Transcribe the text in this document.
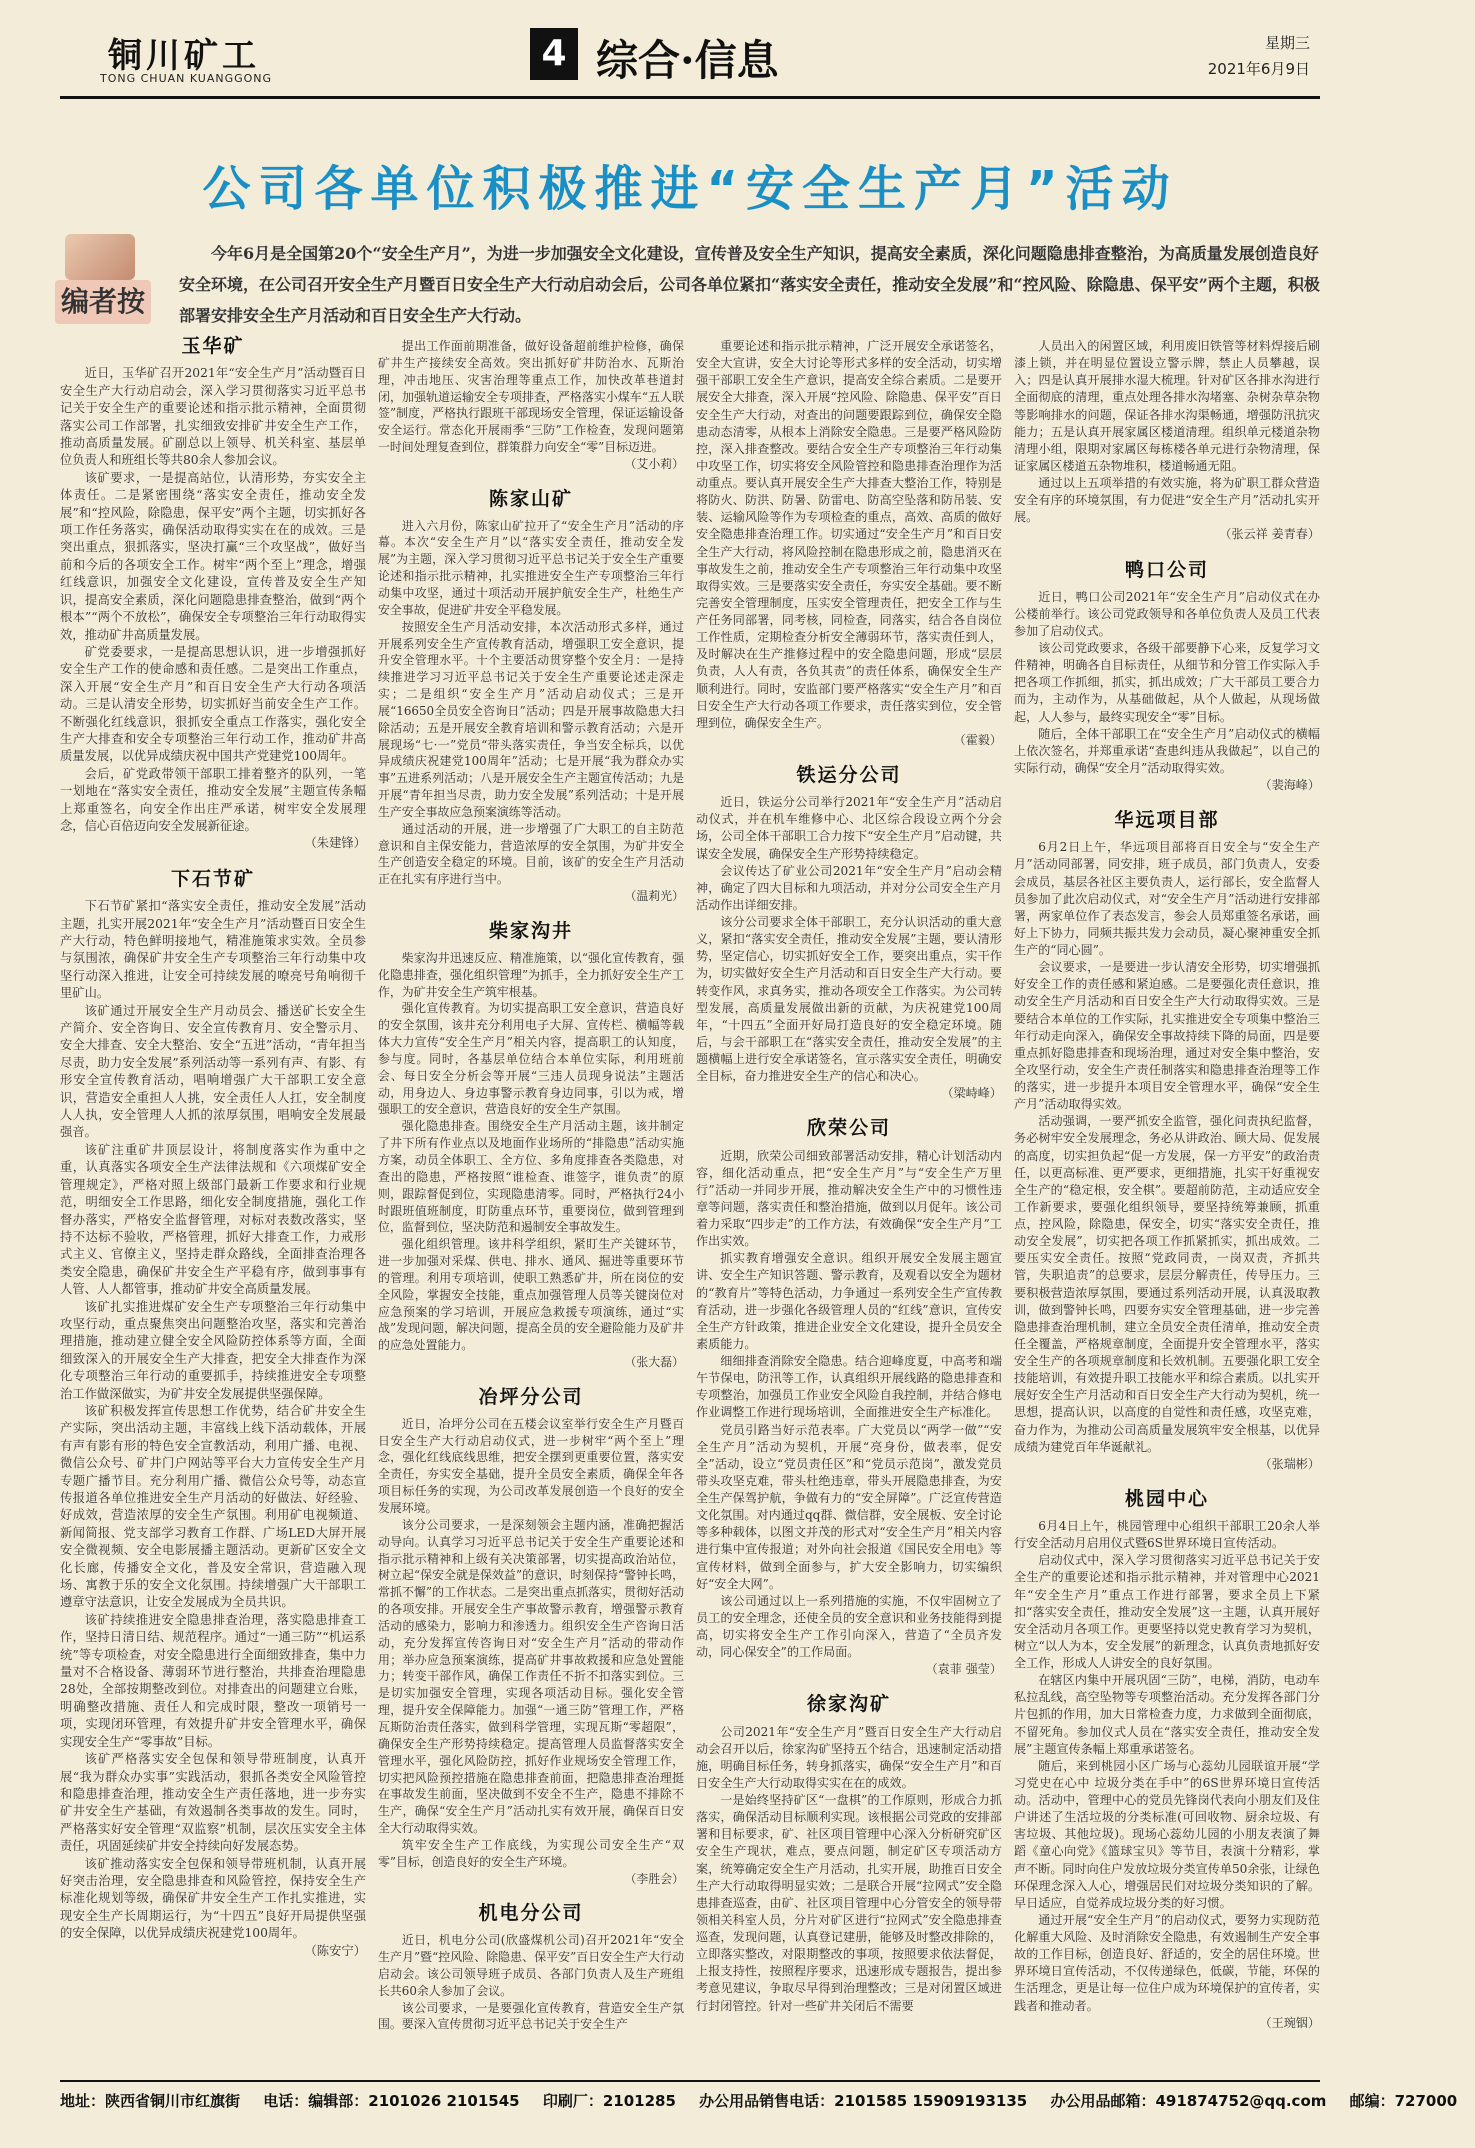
铜川矿工
TONG CHUAN KUANGGONG
4 综合·信息	星期三
2021年6月9日
公司各单位积极推进“安全生产月”活动
编者按
今年6月是全国第20个“安全生产月”，为进一步加强安全文化建设，宣传普及安全生产知识，提高安全素质，深化问题隐患排查整治，为高质量发展创造良好安全环境，在公司召开安全生产月暨百日安全生产大行动启动会后，公司各单位紧扣“落实安全责任，推动安全发展”和“控风险、除隐患、保平安”两个主题，积极部署安排安全生产月活动和百日安全生产大行动。
玉华矿

近日，玉华矿召开2021年“安全生产月”活动暨百日安全生产大行动启动会，深入学习贯彻落实习近平总书记关于安全生产的重要论述和指示批示精神，全面贯彻落实公司工作部署，扎实细致安排矿井安全生产工作，推动高质量发展。矿副总以上领导、机关科室、基层单位负责人和班组长等共80余人参加会议。

该矿要求，一是提高站位，认清形势，夯实安全主体责任。二是紧密围绕“落实安全责任，推动安全发展”和“控风险，除隐患，保平安”两个主题，切实抓好各项工作任务落实，确保活动取得实实在在的成效。三是突出重点，狠抓落实，坚决打赢“三个攻坚战”，做好当前和今后的各项安全工作。树牢“两个至上”理念，增强红线意识，加强安全文化建设，宣传普及安全生产知识，提高安全素质，深化问题隐患排查整治，做到“两个根本”“两个不放松”，确保安全专项整治三年行动取得实效，推动矿井高质量发展。

矿党委要求，一是提高思想认识，进一步增强抓好安全生产工作的使命感和责任感。二是突出工作重点，深入开展“安全生产月”和百日安全生产大行动各项活动。三是认清安全形势，切实抓好当前安全生产工作。不断强化红线意识，狠抓安全重点工作落实，强化安全生产大排查和安全专项整治三年行动工作，推动矿井高质量发展，以优异成绩庆祝中国共产党建党100周年。

会后，矿党政带领干部职工排着整齐的队列，一笔一划地在“落实安全责任，推动安全发展”主题宣传条幅上郑重签名，向安全作出庄严承诺，树牢安全发展理念，信心百倍迈向安全发展新征途。

（朱建锋）

下石节矿

下石节矿紧扣“落实安全责任，推动安全发展”活动主题，扎实开展2021年“安全生产月”活动暨百日安全生产大行动，特色鲜明接地气，精准施策求实效。全员参与氛围浓，确保矿井安全生产专项整治三年行动集中攻坚行动深入推进，让安全可持续发展的嘹亮号角响彻千里矿山。

该矿通过开展安全生产月动员会、播送矿长安全生产简介、安全咨询日、安全宣传教育月、安全警示月、安全大排查、安全大整治、安全“五进”活动，“青年担当尽责，助力安全发展”系列活动等一系列有声、有影、有形安全宣传教育活动，唱响增强广大干部职工安全意识，营造安全重担人人挑，安全责任人人扛，安全制度人人执，安全管理人人抓的浓厚氛围，唱响安全发展最强音。

该矿注重矿井顶层设计，将制度落实作为重中之重，认真落实各项安全生产法律法规和《六项煤矿安全管理规定》，严格对照上级部门最新工作要求和行业规范，明细安全工作思路，细化安全制度措施，强化工作督办落实，严格安全监督管理，对标对表数改落实，坚持不达标不验收，严格管理，抓好大排查工作，力戒形式主义、官僚主义，坚持走群众路线，全面排查治理各类安全隐患，确保矿井安全生产平稳有序，做到事事有人管、人人都管事，推动矿井安全高质量发展。

该矿扎实推进煤矿安全生产专项整治三年行动集中攻坚行动，重点聚焦突出问题整治攻坚，落实和完善治理措施，推动建立健全安全风险防控体系等方面，全面细致深入的开展安全生产大排查，把安全大排查作为深化专项整治三年行动的重要抓手，持续推进安全专项整治工作做深做实，为矿井安全发展提供坚强保障。

该矿积极发挥宣传思想工作优势，结合矿井安全生产实际，突出活动主题，丰富线上线下活动载体，开展有声有影有形的特色安全宣教活动，利用广播、电视、微信公众号、矿井门户网站等平台大力宣传安全生产月专题广播节目。充分利用广播、微信公众号等，动态宣传报道各单位推进安全生产月活动的好做法、好经验、好成效，营造浓厚的安全生产氛围。利用矿电视频道、新闻简报、党支部学习教育工作群、广场LED大屏开展安全微视频、安全电影展播主题活动。更新矿区安全文化长廊，传播安全文化，普及安全常识，营造融入现场、寓教于乐的安全文化氛围。持续增强广大干部职工遵章守法意识，让安全发展成为全员共识。

该矿持续推进安全隐患排查治理，落实隐患排查工作，坚持日清日结、规范程序。通过“一通三防”“机运系统”等专项检查，对安全隐患进行全面细致排查，集中力量对不合格设备、薄弱环节进行整治，共排查治理隐患28处，全部按期整改到位。对排查出的问题建立台账，明确整改措施、责任人和完成时限，整改一项销号一项，实现闭环管理，有效提升矿井安全管理水平，确保实现安全生产“零事故”目标。

该矿严格落实安全包保和领导带班制度，认真开展“我为群众办实事”实践活动，狠抓各类安全风险管控和隐患排查治理，推动安全生产责任落地，进一步夯实矿井安全生产基础，有效遏制各类事故的发生。同时，严格落实好安全管理“双监察”机制，层次压实安全主体责任，巩固延续矿井安全持续向好发展态势。

该矿推动落实安全包保和领导带班机制，认真开展好突击治理，安全隐患排查和风险管控，保持安全生产标准化规划等级，确保矿井安全生产工作扎实推进，实现安全生产长周期运行，为“十四五”良好开局提供坚强的安全保障，以优异成绩庆祝建党100周年。

（陈安宁）

提出工作面前期准备，做好设备超前维护检修，确保矿井生产接续安全高效。突出抓好矿井防治水、瓦斯治理，冲击地压、灾害治理等重点工作，加快改革巷道封闭，加强轨道运输安全专项排查，严格落实小煤车“五人联签”制度，严格执行跟班干部现场安全管理，保证运输设备安全运行。常态化开展雨季“三防”工作检查，发现问题第一时间处理复查到位，群策群力向安全“零”目标迈进。

（艾小莉）

陈家山矿

进入六月份，陈家山矿拉开了“安全生产月”活动的序幕。本次“安全生产月”以“落实安全责任，推动安全发展”为主题，深入学习贯彻习近平总书记关于安全生产重要论述和指示批示精神，扎实推进安全生产专项整治三年行动集中攻坚，通过十项活动开展护航安全生产，杜绝生产安全事故，促进矿井安全平稳发展。

按照安全生产月活动安排，本次活动形式多样，通过开展系列安全生产宣传教育活动，增强职工安全意识，提升安全管理水平。十个主要活动贯穿整个安全月：一是持续推进学习习近平总书记关于安全生产重要论述走深走实；二是组织“安全生产月”活动启动仪式；三是开展“16650全员安全咨询日”活动；四是开展事故隐患大扫除活动；五是开展安全教育培训和警示教育活动；六是开展现场“七·一”党员“带头落实责任，争当安全标兵，以优异成绩庆祝建党100周年”活动；七是开展“我为群众办实事”五进系列活动；八是开展安全生产主题宣传活动；九是开展“青年担当尽责，助力安全发展”系列活动；十是开展生产安全事故应急预案演练等活动。

通过活动的开展，进一步增强了广大职工的自主防范意识和自主保安能力，营造浓厚的安全氛围，为矿井安全生产创造安全稳定的环境。目前，该矿的安全生产月活动正在扎实有序进行当中。

（温莉光）

柴家沟井

柴家沟井迅速反应、精准施策，以“强化宣传教育，强化隐患排查，强化组织管理”为抓手，全力抓好安全生产工作，为矿井安全生产筑牢根基。

强化宣传教育。为切实提高职工安全意识，营造良好的安全氛围，该井充分利用电子大屏、宣传栏、横幅等载体大力宣传“安全生产月”相关内容，提高职工的认知度，参与度。同时，各基层单位结合本单位实际，利用班前会、每日安全分析会等开展“三违人员现身说法”主题活动，用身边人、身边事警示教育身边同事，引以为戒，增强职工的安全意识，营造良好的安全生产氛围。

强化隐患排查。围绕安全生产月活动主题，该井制定了井下所有作业点以及地面作业场所的“排隐患”活动实施方案，动员全体职工、全方位、多角度排查各类隐患，对查出的隐患，严格按照“谁检查、谁签字，谁负责”的原则，跟踪督促到位，实现隐患清零。同时，严格执行24小时跟班值班制度，盯防重点环节，重要岗位，做到管理到位，监督到位，坚决防范和遏制安全事故发生。

强化组织管理。该井科学组织，紧盯生产关键环节，进一步加强对采煤、供电、排水、通风、掘进等重要环节的管理。利用专项培训，使职工熟悉矿井，所在岗位的安全风险，掌握安全技能，重点加强管理人员等关键岗位对应急预案的学习培训，开展应急救援专项演练，通过“实战”发现问题，解决问题，提高全员的安全避险能力及矿井的应急处置能力。

（张大磊）

冶坪分公司

近日，冶坪分公司在五楼会议室举行安全生产月暨百日安全生产大行动启动仪式，进一步树牢“两个至上”理念，强化红线底线思维，把安全摆到更重要位置，落实安全责任，夯实安全基础，提升全员安全素质，确保全年各项目标任务的实现，为公司改革发展创造一个良好的安全发展环境。

该分公司要求，一是深刻领会主题内涵，准确把握活动导向。认真学习习近平总书记关于安全生产重要论述和指示批示精神和上级有关决策部署，切实提高政治站位，树立起“保安全就是保效益”的意识，时刻保持“警钟长鸣，常抓不懈”的工作状态。二是突出重点抓落实，贯彻好活动的各项安排。开展安全生产事故警示教育，增强警示教育活动的感染力，影响力和渗透力。组织安全生产咨询日活动，充分发挥宣传咨询日对“安全生产月”活动的带动作用；举办应急预案演练，提高矿井事故救援和应急处置能力；转变干部作风，确保工作责任不折不扣落实到位。三是切实加强安全管理，实现各项活动目标。强化安全管理，提升安全保障能力。加强“一通三防”管理工作，严格瓦斯防治责任落实，做到科学管理，实现瓦斯“零超限”，确保安全生产形势持续稳定。提高管理人员监督落实安全管理水平，强化风险防控，抓好作业规场安全管理工作，切实把风险预控措施在隐患排查前面，把隐患排查治理挺在事故发生前面，坚决做到不安全不生产，隐患不排除不生产，确保“安全生产月”活动扎实有效开展，确保百日安全大行动取得实效。

筑牢安全生产工作底线，为实现公司安全生产“双零”目标，创造良好的安全生产环境。

（李胜会）

机电分公司

近日，机电分公司(欣盛煤机公司)召开2021年“安全生产月”暨“控风险、除隐患、保平安”百日安全生产大行动启动会。该公司领导班子成员、各部门负责人及生产班组长共60余人参加了会议。

该公司要求，一是要强化宣传教育，营造安全生产氛围。要深入宣传贯彻习近平总书记关于安全生产

重要论述和指示批示精神，广泛开展安全承诺签名，安全大宣讲，安全大讨论等形式多样的安全活动，切实增强干部职工安全生产意识，提高安全综合素质。二是要开展安全大排查，深入开展“控风险、除隐患、保平安”百日安全生产大行动，对查出的问题要跟踪到位，确保安全隐患动态清零，从根本上消除安全隐患。三是要严格风险防控，深入排查整改。要结合安全生产专项整治三年行动集中攻坚工作，切实将安全风险管控和隐患排查治理作为活动重点。要认真开展安全生产大排查大整治工作，特别是将防火、防洪、防暑、防雷电、防高空坠落和防吊装、安装、运输风险等作为专项检查的重点，高效、高质的做好安全隐患排查治理工作。切实通过“安全生产月”和百日安全生产大行动，将风险控制在隐患形成之前，隐患消灭在事故发生之前，推动安全生产专项整治三年行动集中攻坚取得实效。三是要落实安全责任，夯实安全基础。要不断完善安全管理制度，压实安全管理责任，把安全工作与生产任务同部署，同考核，同检查，同落实，结合各自岗位工作性质，定期检查分析安全薄弱环节，落实责任到人，及时解决在生产推修过程中的安全隐患问题，形成“层层负责，人人有责，各负其责”的责任体系，确保安全生产顺利进行。同时，安监部门要严格落实“安全生产月”和百日安全生产大行动各项工作要求，责任落实到位，安全管理到位，确保安全生产。

（霍毅）

铁运分公司

近日，铁运分公司举行2021年“安全生产月”活动启动仪式，并在机车维修中心、北区综合段设立两个分会场，公司全体干部职工合力按下“安全生产月”启动键，共谋安全发展，确保安全生产形势持续稳定。

会议传达了矿业公司2021年“安全生产月”启动会精神，确定了四大目标和九项活动，并对分公司安全生产月活动作出详细安排。

该分公司要求全体干部职工，充分认识活动的重大意义，紧扣“落实安全责任，推动安全发展”主题，要认清形势，坚定信心，切实抓好安全工作，要突出重点，实干作为，切实做好安全生产月活动和百日安全生产大行动。要转变作风，求真务实，推动各项安全工作落实。为公司转型发展，高质量发展做出新的贡献，为庆祝建党100周年，“十四五”全面开好局打造良好的安全稳定环境。随后，与会干部职工在“落实安全责任，推动安全发展”的主题横幅上进行安全承诺签名，宣示落实安全责任，明确安全目标，奋力推进安全生产的信心和决心。

（梁峙峰）

欣荣公司

近期，欣荣公司细致部署活动安排，精心计划活动内容，细化活动重点，把“安全生产月”与“安全生产万里行”活动一并同步开展，推动解决安全生产中的习惯性违章等问题，落实责任和整治措施，做到以月促年。该公司着力采取“四步走”的工作方法，有效确保“安全生产月”工作出实效。

抓实教育增强安全意识。组织开展安全发展主题宣讲、安全生产知识答题、警示教育，及观看以安全为题材的“教育片”等特色活动，力争通过一系列安全生产宣传教育活动，进一步强化各级管理人员的“红线”意识，宣传安全生产方针政策，推进企业安全文化建设，提升全员安全素质能力。

细细排查消除安全隐患。结合迎峰度夏，中高考和端午节保电，防汛等工作，认真组织开展线路的隐患排查和专项整治，加强员工作业安全风险自我控制，并结合修电作业调整工作进行现场培训，全面推进安全生产标准化。

党员引路当好示范表率。广大党员以“两学一做”“安全生产月”活动为契机，开展“亮身份，做表率，促安全”活动，设立“党员责任区”和“党员示范岗”，激发党员带头攻坚克难，带头杜绝违章，带头开展隐患排查，为安全生产保驾护航，争做有力的“安全屏障”。广泛宣传营造文化氛围。对内通过qq群、微信群，安全展板、安全讨论等多种载体，以图文并茂的形式对“安全生产月”相关内容进行集中宣传报道；对外向社会报道《国民安全用电》等宣传材料，做到全面参与，扩大安全影响力，切实编织好“安全大网”。

该公司通过以上一系列措施的实施，不仅牢固树立了员工的安全理念，还使全员的安全意识和业务技能得到提高，切实将安全生产工作引向深入，营造了“全员齐发动，同心保安全”的工作局面。

（袁菲 强莹）

徐家沟矿

公司2021年“安全生产月”暨百日安全生产大行动启动会召开以后，徐家沟矿坚持五个结合，迅速制定活动措施，明确目标任务，转身抓落实，确保“安全生产月”和百日安全生产大行动取得实实在在的成效。

一是始终坚持矿区“一盘棋”的工作原则，形成合力抓落实，确保活动目标顺利实现。该根据公司党政的安排部署和目标要求，矿、社区项目管理中心深入分析研究矿区安全生产现状，难点，要点问题，制定矿区专项活动方案，统筹确定安全生产月活动，扎实开展，助推百日安全生产大行动取得明显实效；二是联合开展“拉网式”安全隐患排查巡查，由矿、社区项目管理中心分管安全的领导带领相关科室人员，分片对矿区进行“拉网式”安全隐患排查巡查，发现问题，认真登记建册，能够及时整改排除的，立即落实整改，对限期整改的事项，按照要求依法督促，上报支持性，按照程序要求，迅速形成专题报告，提出参考意见建议，争取尽早得到治理整改；三是对闭置区域进行封闭管控。针对一些矿井关闭后不需要

人员出入的闲置区域，利用废旧铁管等材料焊接后刷漆上锁，并在明显位置设立警示牌，禁止人员攀越，误入；四是认真开展排水湿大梳理。针对矿区各排水沟进行全面彻底的清理，重点处理各排水沟堵塞、杂树杂草杂物等影响排水的问题，保证各排水沟渠畅通，增强防汛抗灾能力；五是认真开展家属区楼道清理。组织单元楼道杂物清理小组，限期对家属区每栋楼各单元进行杂物清理，保证家属区楼道五杂物堆积，楼道畅通无阻。

通过以上五项举措的有效实施，将为矿职工群众营造安全有序的环境氛围，有力促进“安全生产月”活动扎实开展。

（张云祥 姜青春）

鸭口公司

近日，鸭口公司2021年“安全生产月”启动仪式在办公楼前举行。该公司党政领导和各单位负责人及员工代表参加了启动仪式。

该公司党政要求，各级干部要静下心来，反复学习文件精神，明确各自目标责任，从细节和分管工作实际入手把各项工作抓细，抓实，抓出成效；广大干部员工要合力而为，主动作为，从基础做起，从个人做起，从现场做起，人人参与，最终实现安全“零”目标。

随后，全体干部职工在“安全生产月”启动仪式的横幅上依次签名，并郑重承诺“查患纠违从我做起”，以自己的实际行动，确保“安全月”活动取得实效。

（裴海峰）

华远项目部

6月2日上午，华远项目部将百日安全与“安全生产月”活动同部署，同安排，班子成员，部门负责人，安委会成员，基层各社区主要负责人，运行部长，安全监督人员参加了此次启动仪式，对“安全生产月”活动进行安排部署，两家单位作了表态发言，参会人员郑重签名承诺，画好上下协力，同频共振共发力会动员，凝心聚神重安全抓生产的“同心圆”。

会议要求，一是要进一步认清安全形势，切实增强抓好安全工作的责任感和紧迫感。二是要强化责任意识，推动安全生产月活动和百日安全生产大行动取得实效。三是要结合本单位的工作实际，扎实推进安全专项集中整治三年行动走向深入，确保安全事故持续下降的局面，四是要重点抓好隐患排查和现场治理，通过对安全集中整治，安全攻坚行动，安全生产责任制落实和隐患排查治理等工作的落实，进一步提升本项目安全管理水平，确保“安全生产月”活动取得实效。

活动强调，一要严抓安全监管，强化问责执纪监督，务必树牢安全发展理念，务必从讲政治、顾大局、促发展的高度，切实担负起“促一方发展，保一方平安”的政治责任，以更高标准、更严要求，更细措施，扎实干好重视安全生产的“稳定根，安全棋”。要超前防范，主动适应安全工作新要求，要强化组织领导，要坚持统筹兼顾，抓重点，控风险，除隐患，保安全，切实“落实安全责任，推动安全发展”，切实把各项工作抓紧抓实，抓出成效。二要压实安全责任。按照“党政同责，一岗双责，齐抓共管，失职追责”的总要求，层层分解责任，传导压力。三要积极营造浓厚氛围，要通过系列活动开展，认真汲取教训，做到警钟长鸣，四要夯实安全管理基础，进一步完善隐患排查治理机制，建立全员安全责任清单，推动安全责任全覆盖，严格规章制度，全面提升安全管理水平，落实安全生产的各项规章制度和长效机制。五要强化职工安全技能培训，有效提升职工技能水平和综合素质。以扎实开展好安全生产月活动和百日安全生产大行动为契机，统一思想，提高认识，以高度的自觉性和责任感，攻坚克难，奋力作为，为推动公司高质量发展筑牢安全根基，以优异成绩为建党百年华诞献礼。

（张瑞彬）

桃园中心

6月4日上午，桃园管理中心组织干部职工20余人举行安全活动月启用仪式暨6S世界环境日宣传活动。

启动仪式中，深入学习贯彻落实习近平总书记关于安全生产的重要论述和指示批示精神，并对管理中心2021年“安全生产月”重点工作进行部署，要求全员上下紧扣“落实安全责任，推动安全发展”这一主题，认真开展好安全活动月各项工作。更要坚持以党史教育学习为契机，树立“以人为本，安全发展”的新理念，认真负责地抓好安全工作，形成人人讲安全的良好氛围。

在辖区内集中开展巩固“三防”，电梯，消防，电动车私拉乱线，高空坠物等专项整治活动。充分发挥各部门分片包抓的作用，加大日常检查力度，力求做到全面彻底，不留死角。参加仪式人员在“落实安全责任，推动安全发展”主题宣传条幅上郑重承诺签名。

随后，来到桃园小区广场与心蕊幼儿园联谊开展“学习党史在心中 垃圾分类在手中”的6S世界环境日宣传活动。活动中，管理中心的党员先锋岗代表向小朋友们及住户讲述了生活垃圾的分类标准(可回收物、厨余垃圾、有害垃圾、其他垃圾)。现场心蕊幼儿园的小朋友表演了舞蹈《童心向党》《篮球宝贝》等节目，表演十分精彩，掌声不断。同时向住户发放垃圾分类宣传单50余张，让绿色环保理念深入人心，增强居民们对垃圾分类知识的了解。早日适应，自觉养成垃圾分类的好习惯。

通过开展“安全生产月”的启动仪式，要努力实现防范化解重大风险、及时消除安全隐患，有效遏制生产安全事故的工作目标，创造良好、舒适的，安全的居住环境。世界环境日宣传活动，不仅传递绿色，低碳，节能，环保的生活理念，更是让每一位住户成为环境保护的宣传者，实践者和推动者。

（王琬铟）

地址：陕西省铜川市红旗街 电话：编辑部：2101026 2101545 印刷厂：2101285 办公用品销售电话：2101585 15909193135 办公用品邮箱：491874752@qq.com 邮编：727000
